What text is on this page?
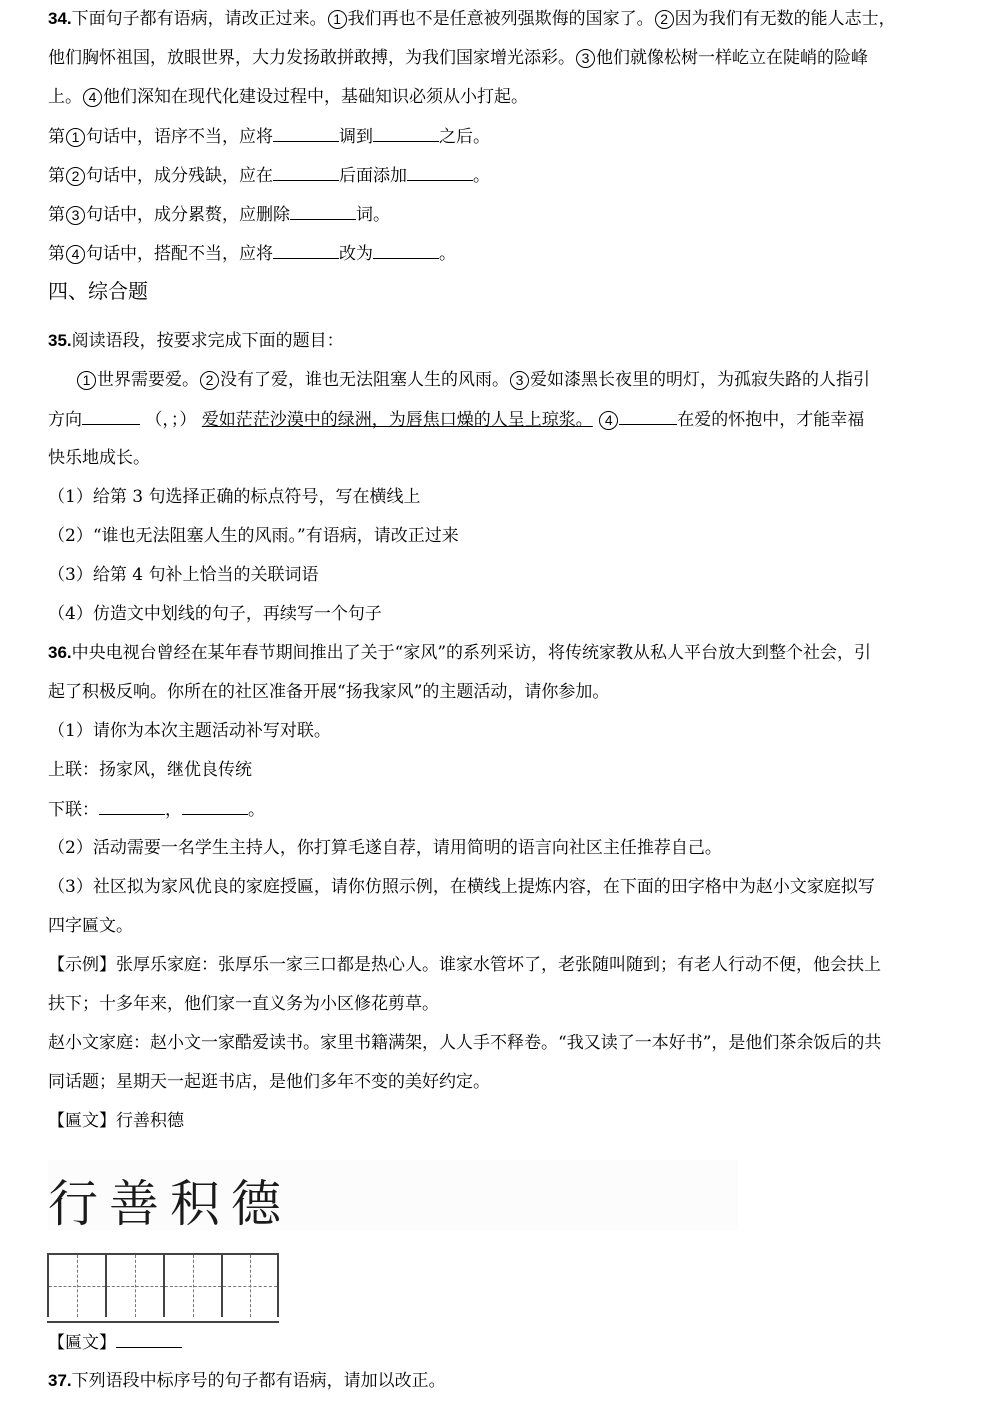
34.下面句子都有语病，请改正过来。 1 我们再也不是任意被列强欺侮的国家了。 2 因为我们有无数的能人志士，
他们胸怀祖国，放眼世界，大力发扬敢拼敢搏，为我们国家增光添彩。 3 他们就像松树一样屹立在陡峭的险峰
上。 4 他们深知在现代化建设过程中，基础知识必须从小打起。
第 1 句话中，语序不当，应将	调到	之后。
第 2 句话中，成分残缺，应在	后面添加	。
第 3 句话中，成分累赘，应删除	词。
第 4 句话中，搭配不当，应将	改为	。
四、综合题
35.阅读语段，按要求完成下面的题目：
1 世界需要爱。 2 没有了爱，谁也无法阻塞人生的风雨。 3 爱如漆黑长夜里的明灯，为孤寂失路的人指引
方向	（，；） 爱如茫茫沙漠中的绿洲，为唇焦口燥的人呈上琼浆。 4	在爱的怀抱中，才能幸福
快乐地成长。
（1）给第 3 句选择正确的标点符号，写在横线上
（2）“谁也无法阻塞人生的风雨。”有语病，请改正过来
（3）给第 4 句补上恰当的关联词语
（4）仿造文中划线的句子，再续写一个句子
36.中央电视台曾经在某年春节期间推出了关于“家风”的系列采访，将传统家教从私人平台放大到整个社会，引
起了积极反响。你所在的社区准备开展“扬我家风”的主题活动，请你参加。
（1）请你为本次主题活动补写对联。
上联：扬家风，继优良传统
下联：	，	。
（2）活动需要一名学生主持人，你打算毛遂自荐，请用简明的语言向社区主任推荐自己。
（3）社区拟为家风优良的家庭授匾，请你仿照示例，在横线上提炼内容，在下面的田字格中为赵小文家庭拟写
四字匾文。
【示例】张厚乐家庭：张厚乐一家三口都是热心人。谁家水管坏了，老张随叫随到；有老人行动不便，他会扶上
扶下；十多年来，他们家一直义务为小区修花剪草。
赵小文家庭：赵小文一家酷爱读书。家里书籍满架，人人手不释卷。“我又读了一本好书”，是他们茶余饭后的共
同话题；星期天一起逛书店，是他们多年不变的美好约定。
【匾文】行善积德
行善积德
【匾文】
37.下列语段中标序号的句子都有语病，请加以改正。
